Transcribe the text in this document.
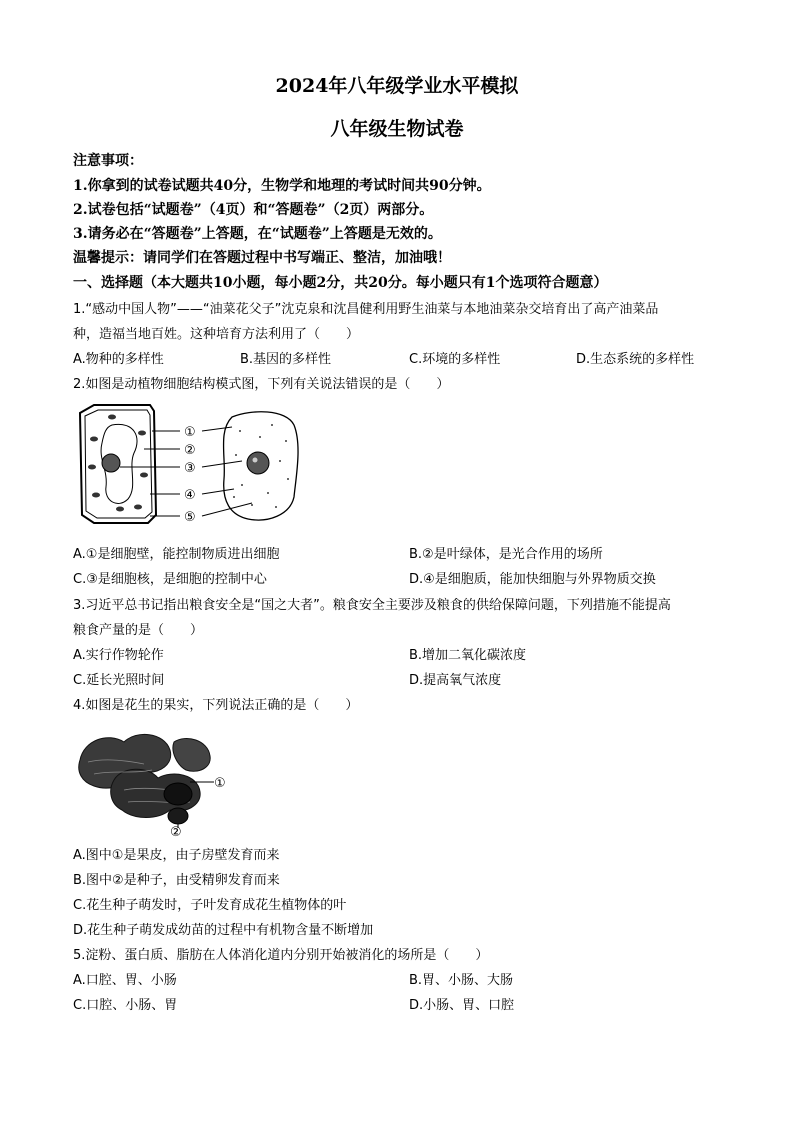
2024年八年级学业水平模拟
八年级生物试卷
注意事项：
1.你拿到的试卷试题共40分，生物学和地理的考试时间共90分钟。
2.试卷包括“试题卷”（4页）和“答题卷”（2页）两部分。
3.请务必在“答题卷”上答题，在“试题卷”上答题是无效的。
温馨提示：请同学们在答题过程中书写端正、整洁，加油哦！
一、选择题（本大题共10小题，每小题2分，共20分。每小题只有1个选项符合题意）
1.“感动中国人物”——“油菜花父子”沈克泉和沈昌健利用野生油菜与本地油菜杂交培育出了高产油菜品
种，造福当地百姓。这种培育方法利用了（　　）
A.物种的多样性	B.基因的多样性	C.环境的多样性	D.生态系统的多样性
2.如图是动植物细胞结构模式图，下列有关说法错误的是（　　）
①
②
③
④
⑤
A.①是细胞壁，能控制物质进出细胞	B.②是叶绿体，是光合作用的场所
C.③是细胞核，是细胞的控制中心	D.④是细胞质，能加快细胞与外界物质交换
3.习近平总书记指出粮食安全是“国之大者”。粮食安全主要涉及粮食的供给保障问题，下列措施不能提高
粮食产量的是（　　）
A.实行作物轮作	B.增加二氧化碳浓度
C.延长光照时间	D.提高氧气浓度
4.如图是花生的果实，下列说法正确的是（　　）
①
②
A.图中①是果皮，由子房壁发育而来
B.图中②是种子，由受精卵发育而来
C.花生种子萌发时，子叶发育成花生植物体的叶
D.花生种子萌发成幼苗的过程中有机物含量不断增加
5.淀粉、蛋白质、脂肪在人体消化道内分别开始被消化的场所是（　　）
A.口腔、胃、小肠	B.胃、小肠、大肠
C.口腔、小肠、胃	D.小肠、胃、口腔
